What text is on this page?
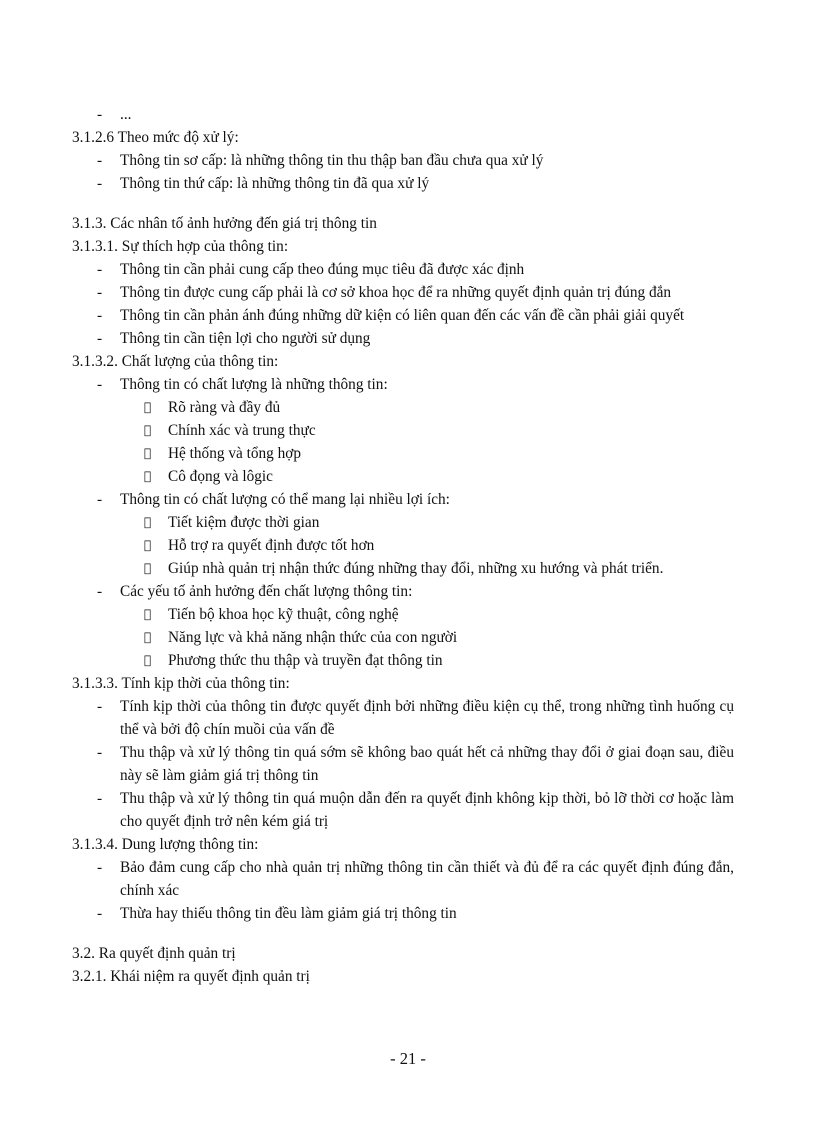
- ...
3.1.2.6 Theo mức độ xử lý:
- Thông tin sơ cấp: là những thông tin thu thập ban đầu chưa qua xử lý
- Thông tin thứ cấp: là những thông tin đã qua xử lý
3.1.3. Các nhân tố ảnh hưởng đến giá trị thông tin
3.1.3.1. Sự thích hợp của thông tin:
- Thông tin cần phải cung cấp theo đúng mục tiêu đã được xác định
- Thông tin được cung cấp phải là cơ sở khoa học để ra những quyết định quản trị đúng đắn
- Thông tin cần phản ánh đúng những dữ kiện có liên quan đến các vấn đề cần phải giải quyết
- Thông tin cần tiện lợi cho người sử dụng
3.1.3.2. Chất lượng của thông tin:
- Thông tin có chất lượng là những thông tin:
Rõ ràng và đầy đủ
Chính xác và trung thực
Hệ thống và tổng hợp
Cô đọng và lôgic
- Thông tin có chất lượng có thể mang lại nhiều lợi ích:
Tiết kiệm được thời gian
Hỗ trợ ra quyết định được tốt hơn
Giúp nhà quản trị nhận thức đúng những thay đổi, những xu hướng và phát triển.
- Các yếu tố ảnh hưởng đến chất lượng thông tin:
Tiến bộ khoa học kỹ thuật, công nghệ
Năng lực và khả năng nhận thức của con người
Phương thức thu thập và truyền đạt thông tin
3.1.3.3. Tính kịp thời của thông tin:
- Tính kịp thời của thông tin được quyết định bởi những điều kiện cụ thể, trong những tình huống cụ thể và bởi độ chín muồi của vấn đề
- Thu thập và xử lý thông tin quá sớm sẽ không bao quát hết cả những thay đổi ở giai đoạn sau, điều này sẽ làm giảm giá trị thông tin
- Thu thập và xử lý thông tin quá muộn dẫn đến ra quyết định không kịp thời, bỏ lỡ thời cơ hoặc làm cho quyết định trở nên kém giá trị
3.1.3.4. Dung lượng thông tin:
- Bảo đảm cung cấp cho nhà quản trị những thông tin cần thiết và đủ để ra các quyết định đúng đắn, chính xác
- Thừa hay thiếu thông tin đều làm giảm giá trị thông tin
3.2. Ra quyết định quản trị
3.2.1. Khái niệm ra quyết định quản trị
- 21 -
